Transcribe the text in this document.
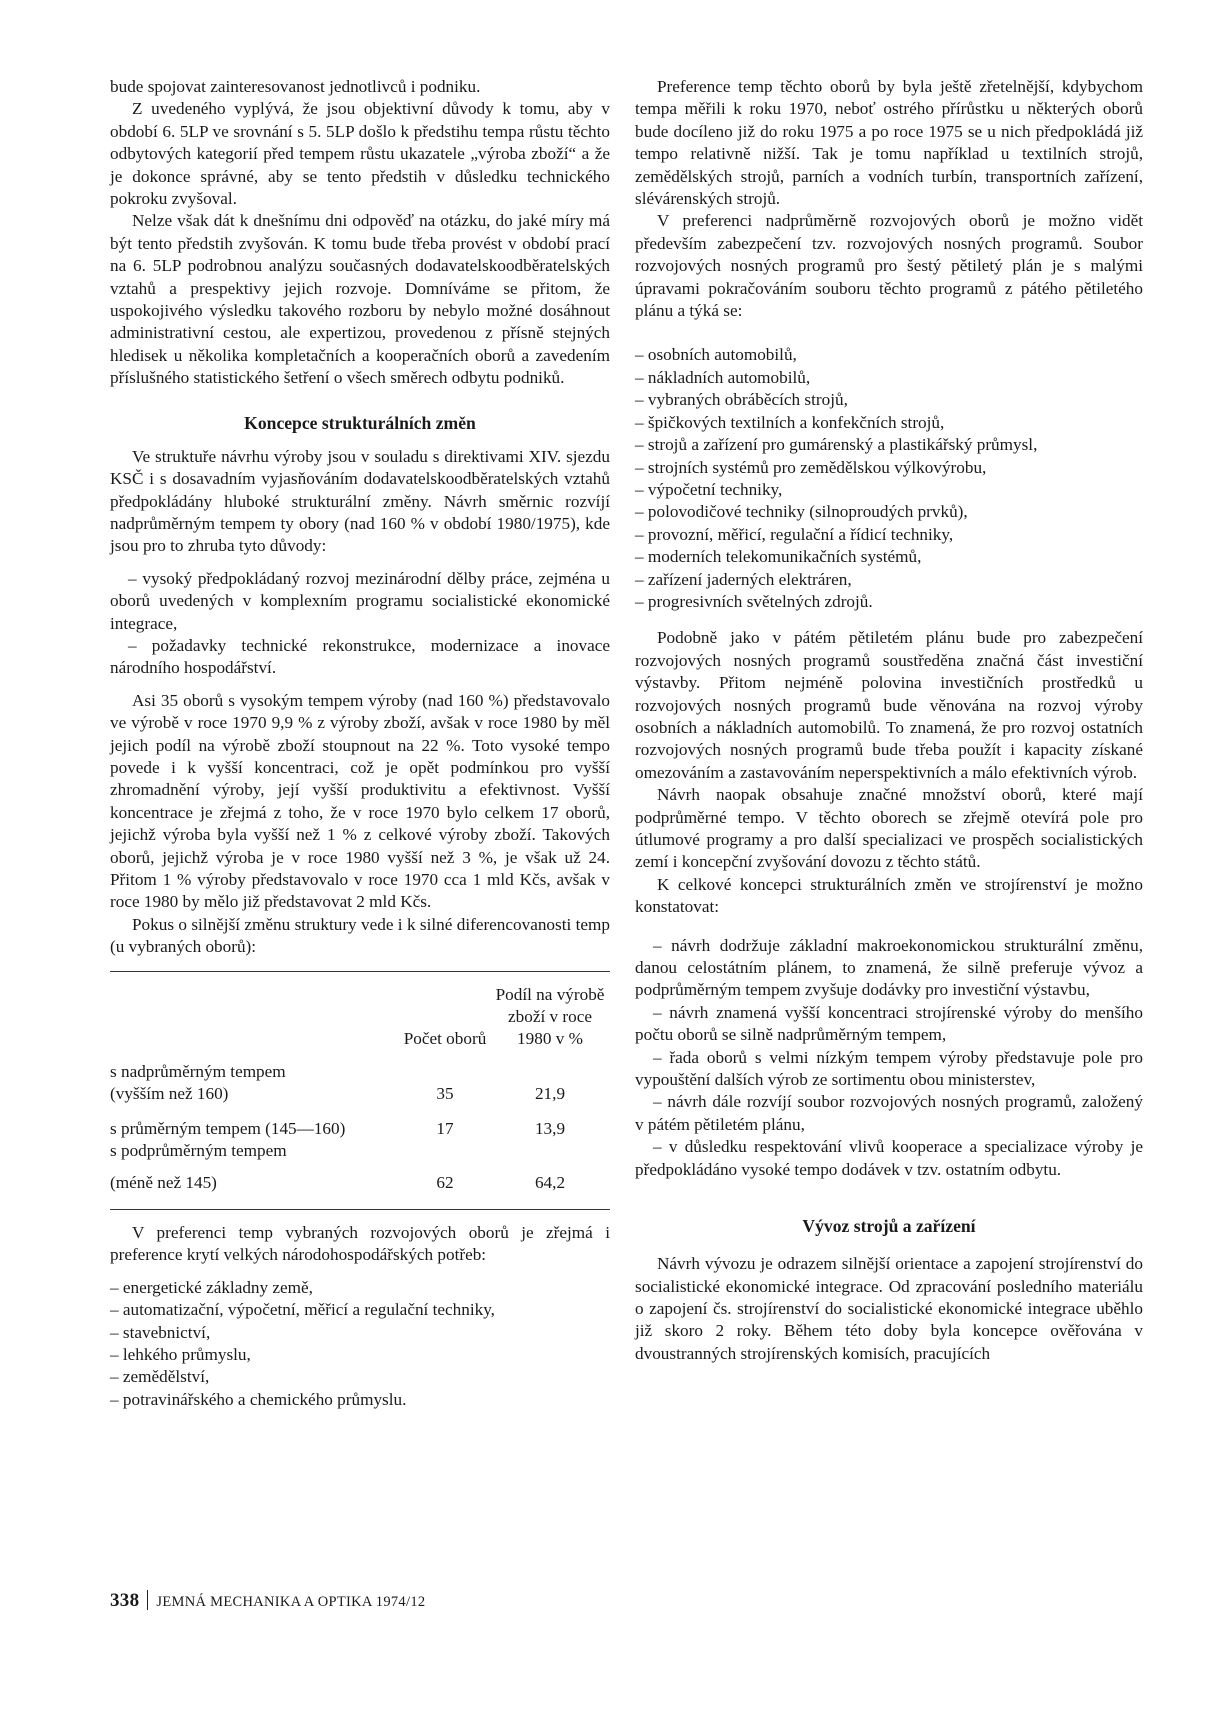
bude spojovat zainteresovanost jednotlivců i podniku.

Z uvedeného vyplývá, že jsou objektivní důvody k tomu, aby v období 6. 5LP ve srovnání s 5. 5LP došlo k předstihu tempa růstu těchto odbytových kategorií před tempem růstu ukazatele „výroba zboží“ a že je dokonce správné, aby se tento předstih v důsledku technického pokroku zvyšoval.

Nelze však dát k dnešnímu dni odpověď na otázku, do jaké míry má být tento předstih zvyšován. K tomu bude třeba provést v období prací na 6. 5LP podrobnou analýzu současných dodavatelskoodběratelských vztahů a prespektivy jejich rozvoje. Domníváme se přitom, že uspokojivého výsledku takového rozboru by nebylo možné dosáhnout administrativní cestou, ale expertizou, provedenou z přísně stejných hledisek u několika kompletačních a kooperačních oborů a zavedením příslušného statistického šetření o všech směrech odbytu podniků.

Koncepce strukturálních změn

Ve struktuře návrhu výroby jsou v souladu s direktivami XIV. sjezdu KSČ i s dosavadním vyjasňováním dodavatelskoodběratelských vztahů předpokládány hluboké strukturální změny. Návrh směrnic rozvíjí nadprůměrným tempem ty obory (nad 160 % v období 1980/1975), kde jsou pro to zhruba tyto důvody:

– vysoký předpokládaný rozvoj mezinárodní dělby práce, zejména u oborů uvedených v komplexním programu socialistické ekonomické integrace,
– požadavky technické rekonstrukce, modernizace a inovace národního hospodářství.

Asi 35 oborů s vysokým tempem výroby (nad 160 %) představovalo ve výrobě v roce 1970 9,9 % z výroby zboží, avšak v roce 1980 by měl jejich podíl na výrobě zboží stoupnout na 22 %. Toto vysoké tempo povede i k vyšší koncentraci, což je opět podmínkou pro vyšší zhromadnění výroby, její vyšší produktivitu a efektivnost. Vyšší koncentrace je zřejmá z toho, že v roce 1970 bylo celkem 17 oborů, jejichž výroba byla vyšší než 1 % z celkové výroby zboží. Takových oborů, jejichž výroba je v roce 1980 vyšší než 3 %, je však už 24. Přitom 1 % výroby představovalo v roce 1970 cca 1 mld Kčs, avšak v roce 1980 by mělo již představovat 2 mld Kčs.

Pokus o silnější změnu struktury vede i k silné diferencovanosti temp (u vybraných oborů):

	Počet oborů	Podíl na výrobě zboží v roce 1980 v %

s nadprůměrným tempem
(vyšším než 160)	35	21,9

s průměrným tempem (145—160)	17	13,9

s podprůměrným tempem
(méně než 145)	62	64,2

V preferenci temp vybraných rozvojových oborů je zřejmá i preference krytí velkých národohospodářských potřeb:

– energetické základny země,
– automatizační, výpočetní, měřicí a regulační techniky,
– stavebnictví,
– lehkého průmyslu,
– zemědělství,
– potravinářského a chemického průmyslu.

Preference temp těchto oborů by byla ještě zřetelnější, kdybychom tempa měřili k roku 1970, neboť ostrého přírůstku u některých oborů bude docíleno již do roku 1975 a po roce 1975 se u nich předpokládá již tempo relativně nižší. Tak je tomu například u textilních strojů, zemědělských strojů, parních a vodních turbín, transportních zařízení, slévárenských strojů.

V preferenci nadprůměrně rozvojových oborů je možno vidět především zabezpečení tzv. rozvojových nosných programů. Soubor rozvojových nosných programů pro šestý pětiletý plán je s malými úpravami pokračováním souboru těchto programů z pátého pětiletého plánu a týká se:

– osobních automobilů,
– nákladních automobilů,
– vybraných obráběcích strojů,
– špičkových textilních a konfekčních strojů,
– strojů a zařízení pro gumárenský a plastikářský průmysl,
– strojních systémů pro zemědělskou výlkovýrobu,
– výpočetní techniky,
– polovodičové techniky (silnoproudých prvků),
– provozní, měřicí, regulační a řídicí techniky,
– moderních telekomunikačních systémů,
– zařízení jaderných elektráren,
– progresivních světelných zdrojů.

Podobně jako v pátém pětiletém plánu bude pro zabezpečení rozvojových nosných programů soustředěna značná část investiční výstavby. Přitom nejméně polovina investičních prostředků u rozvojových nosných programů bude věnována na rozvoj výroby osobních a nákladních automobilů. To znamená, že pro rozvoj ostatních rozvojových nosných programů bude třeba použít i kapacity získané omezováním a zastavováním neperspektivních a málo efektivních výrob.

Návrh naopak obsahuje značné množství oborů, které mají podprůměrné tempo. V těchto oborech se zřejmě otevírá pole pro útlumové programy a pro další specializaci ve prospěch socialistických zemí i koncepční zvyšování dovozu z těchto států.

K celkové koncepci strukturálních změn ve strojírenství je možno konstatovat:

– návrh dodržuje základní makroekonomickou strukturální změnu, danou celostátním plánem, to znamená, že silně preferuje vývoz a podprůměrným tempem zvyšuje dodávky pro investiční výstavbu,
– návrh znamená vyšší koncentraci strojírenské výroby do menšího počtu oborů se silně nadprůměrným tempem,
– řada oborů s velmi nízkým tempem výroby představuje pole pro vypouštění dalších výrob ze sortimentu obou ministerstev,
– návrh dále rozvíjí soubor rozvojových nosných programů, založený v pátém pětiletém plánu,
– v důsledku respektování vlivů kooperace a specializace výroby je předpokládáno vysoké tempo dodávek v tzv. ostatním odbytu.
Vývoz strojů a zařízení

Návrh vývozu je odrazem silnější orientace a zapojení strojírenství do socialistické ekonomické integrace. Od zpracování posledního materiálu o zapojení čs. strojírenství do socialistické ekonomické integrace uběhlo již skoro 2 roky. Během této doby byla koncepce ověřována v dvoustranných strojírenských komisích, pracujících

338 JEMNÁ MECHANIKA A OPTIKA 1974/12
